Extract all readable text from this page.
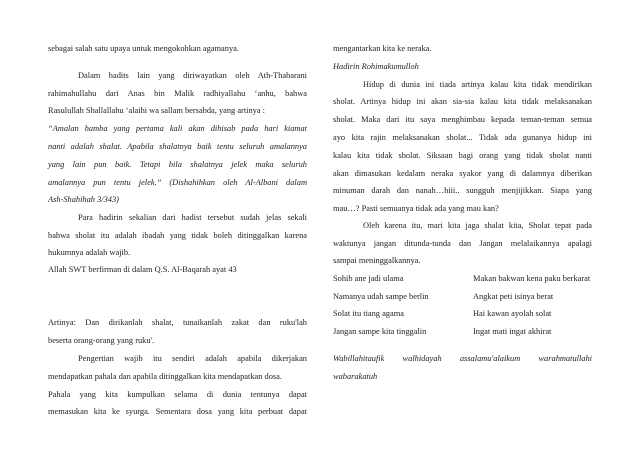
sebagai salah satu upaya untuk mengokohkan agamanya.
Dalam hadits lain yang diriwayatkan oleh Ath-Thabarani
rahimahullahu dari Anas bin Malik radhiyallahu ‘anhu, bahwa
Rasulullah Shallallahu ‘alaihi wa sallam bersabda, yang artinya :
“Amalan hamba yang pertama kali akan dihisab pada hari kiamat
nanti adalah shalat. Apabila shalatnya baik tentu seluruh amalannya
yang lain pun baik. Tetapi bila shalatnya jelek maka seluruh
amalannya pun tentu jelek.” (Dishahihkan oleh Al-Albani dalam
Ash-Shahihah 3/343)
Para hadirin sekalian dari hadist tersebut sudah jelas sekali
bahwa sholat itu adalah ibadah yang tidak boleh ditinggalkan karena
hukumnya adalah wajib.
Allah SWT berfirman di dalam Q.S. Al-Baqarah ayat 43
Artinya: Dan dirikanlah shalat, tunaikanlah zakat dan ruku'lah
beserta orang-orang yang ruku'.
Pengertian wajib itu sendiri adalah apabila dikerjakan
mendapatkan pahala dan apabila ditinggalkan kita mendapatkan dosa.
Pahala yang kita kumpulkan selama di dunia tentunya dapat
memasukan kita ke syurga. Sementara dosa yang kita perbuat dapat
mengantarkan kita ke neraka.
Hadirin Rohimakumulloh
Hidup di dunia ini tiada artinya kalau kita tidak mendirikan
sholat. Artinya hidup ini akan sia-sia kalau kita tidak melaksanakan
sholat. Maka dari itu saya menghimbau kepada teman-teman semua
ayo kita rajin melaksanakan sholat... Tidak ada gunanya hidup ini
kalau kita tidak sholat. Siksaan bagi orang yang tidak sholat nanti
akan dimasukan kedalam neraka syakor yang di dalamnya diberikan
minuman darah dan nanah…hiii.. sungguh menjijikkan. Siapa yang
mau…? Pasti semuanya tidak ada yang mau kan?
Oleh karena itu, mari kita jaga shalat kita, Sholat tepat pada
waktunya jangan ditunda-tunda dan Jangan melalaikannya apalagi
sampai meninggalkannya.
Sohib ane jadi ulama	Makan bakwan kena paku berkarat
Namanya udah sampe berlin	Angkat peti isinya berat
Solat itu tiang agama	Hai kawan ayolah solat
Jangan sampe kita tinggalin	Ingat mati ingat akhirat
Wabillahitaufik walhidayah assalamu'alaikum warahmatullahi
wabarakatuh
